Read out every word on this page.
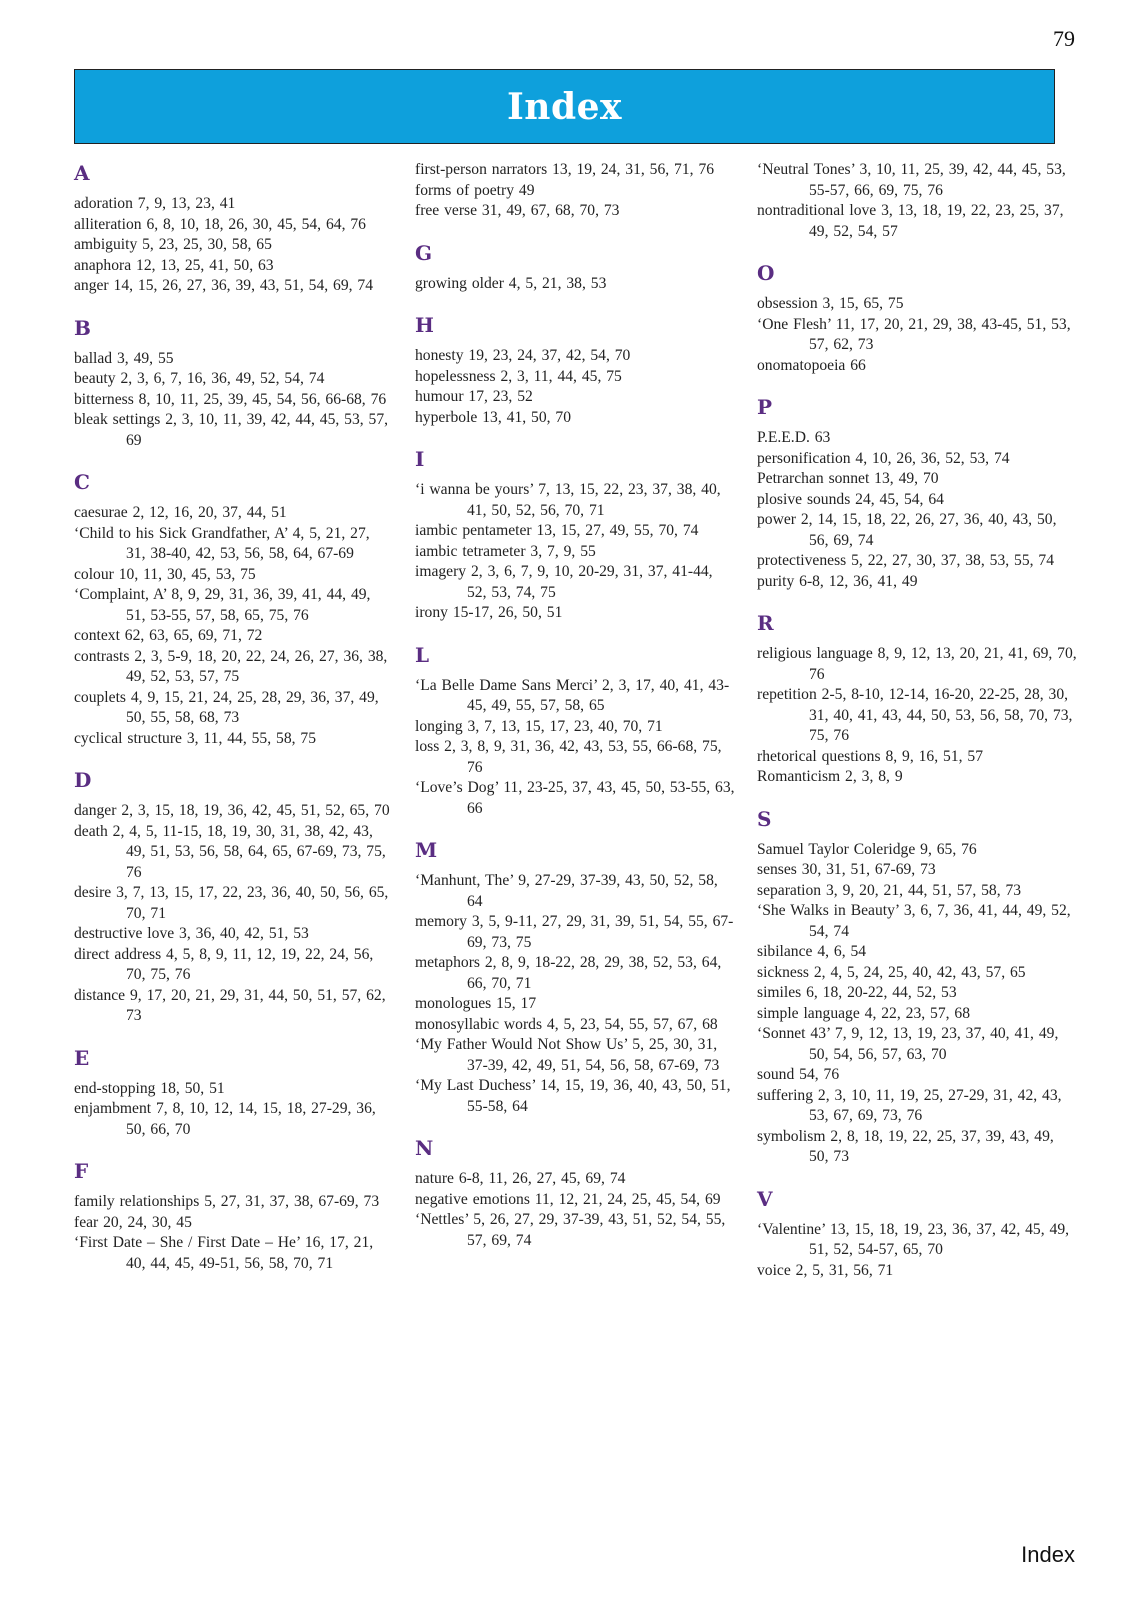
79
Index
A
adoration 7, 9, 13, 23, 41
alliteration 6, 8, 10, 18, 26, 30, 45, 54, 64, 76
ambiguity 5, 23, 25, 30, 58, 65
anaphora 12, 13, 25, 41, 50, 63
anger 14, 15, 26, 27, 36, 39, 43, 51, 54, 69, 74
B
ballad 3, 49, 55
beauty 2, 3, 6, 7, 16, 36, 49, 52, 54, 74
bitterness 8, 10, 11, 25, 39, 45, 54, 56, 66-68, 76
bleak settings 2, 3, 10, 11, 39, 42, 44, 45, 53, 57, 69
C
caesurae 2, 12, 16, 20, 37, 44, 51
‘Child to his Sick Grandfather, A’ 4, 5, 21, 27, 31, 38-40, 42, 53, 56, 58, 64, 67-69
colour 10, 11, 30, 45, 53, 75
‘Complaint, A’ 8, 9, 29, 31, 36, 39, 41, 44, 49, 51, 53-55, 57, 58, 65, 75, 76
context 62, 63, 65, 69, 71, 72
contrasts 2, 3, 5-9, 18, 20, 22, 24, 26, 27, 36, 38, 49, 52, 53, 57, 75
couplets 4, 9, 15, 21, 24, 25, 28, 29, 36, 37, 49, 50, 55, 58, 68, 73
cyclical structure 3, 11, 44, 55, 58, 75
D
danger 2, 3, 15, 18, 19, 36, 42, 45, 51, 52, 65, 70
death 2, 4, 5, 11-15, 18, 19, 30, 31, 38, 42, 43, 49, 51, 53, 56, 58, 64, 65, 67-69, 73, 75, 76
desire 3, 7, 13, 15, 17, 22, 23, 36, 40, 50, 56, 65, 70, 71
destructive love 3, 36, 40, 42, 51, 53
direct address 4, 5, 8, 9, 11, 12, 19, 22, 24, 56, 70, 75, 76
distance 9, 17, 20, 21, 29, 31, 44, 50, 51, 57, 62, 73
E
end-stopping 18, 50, 51
enjambment 7, 8, 10, 12, 14, 15, 18, 27-29, 36, 50, 66, 70
F
family relationships 5, 27, 31, 37, 38, 67-69, 73
fear 20, 24, 30, 45
‘First Date – She / First Date – He’ 16, 17, 21, 40, 44, 45, 49-51, 56, 58, 70, 71
first-person narrators 13, 19, 24, 31, 56, 71, 76
forms of poetry 49
free verse 31, 49, 67, 68, 70, 73
G
growing older 4, 5, 21, 38, 53
H
honesty 19, 23, 24, 37, 42, 54, 70
hopelessness 2, 3, 11, 44, 45, 75
humour 17, 23, 52
hyperbole 13, 41, 50, 70
I
‘i wanna be yours’ 7, 13, 15, 22, 23, 37, 38, 40, 41, 50, 52, 56, 70, 71
iambic pentameter 13, 15, 27, 49, 55, 70, 74
iambic tetrameter 3, 7, 9, 55
imagery 2, 3, 6, 7, 9, 10, 20-29, 31, 37, 41-44, 52, 53, 74, 75
irony 15-17, 26, 50, 51
L
‘La Belle Dame Sans Merci’ 2, 3, 17, 40, 41, 43-45, 49, 55, 57, 58, 65
longing 3, 7, 13, 15, 17, 23, 40, 70, 71
loss 2, 3, 8, 9, 31, 36, 42, 43, 53, 55, 66-68, 75, 76
‘Love’s Dog’ 11, 23-25, 37, 43, 45, 50, 53-55, 63, 66
M
‘Manhunt, The’ 9, 27-29, 37-39, 43, 50, 52, 58, 64
memory 3, 5, 9-11, 27, 29, 31, 39, 51, 54, 55, 67-69, 73, 75
metaphors 2, 8, 9, 18-22, 28, 29, 38, 52, 53, 64, 66, 70, 71
monologues 15, 17
monosyllabic words 4, 5, 23, 54, 55, 57, 67, 68
‘My Father Would Not Show Us’ 5, 25, 30, 31, 37-39, 42, 49, 51, 54, 56, 58, 67-69, 73
‘My Last Duchess’ 14, 15, 19, 36, 40, 43, 50, 51, 55-58, 64
N
nature 6-8, 11, 26, 27, 45, 69, 74
negative emotions 11, 12, 21, 24, 25, 45, 54, 69
‘Nettles’ 5, 26, 27, 29, 37-39, 43, 51, 52, 54, 55, 57, 69, 74
‘Neutral Tones’ 3, 10, 11, 25, 39, 42, 44, 45, 53, 55-57, 66, 69, 75, 76
nontraditional love 3, 13, 18, 19, 22, 23, 25, 37, 49, 52, 54, 57
O
obsession 3, 15, 65, 75
‘One Flesh’ 11, 17, 20, 21, 29, 38, 43-45, 51, 53, 57, 62, 73
onomatopoeia 66
P
P.E.E.D. 63
personification 4, 10, 26, 36, 52, 53, 74
Petrarchan sonnet 13, 49, 70
plosive sounds 24, 45, 54, 64
power 2, 14, 15, 18, 22, 26, 27, 36, 40, 43, 50, 56, 69, 74
protectiveness 5, 22, 27, 30, 37, 38, 53, 55, 74
purity 6-8, 12, 36, 41, 49
R
religious language 8, 9, 12, 13, 20, 21, 41, 69, 70, 76
repetition 2-5, 8-10, 12-14, 16-20, 22-25, 28, 30, 31, 40, 41, 43, 44, 50, 53, 56, 58, 70, 73, 75, 76
rhetorical questions 8, 9, 16, 51, 57
Romanticism 2, 3, 8, 9
S
Samuel Taylor Coleridge 9, 65, 76
senses 30, 31, 51, 67-69, 73
separation 3, 9, 20, 21, 44, 51, 57, 58, 73
‘She Walks in Beauty’ 3, 6, 7, 36, 41, 44, 49, 52, 54, 74
sibilance 4, 6, 54
sickness 2, 4, 5, 24, 25, 40, 42, 43, 57, 65
similes 6, 18, 20-22, 44, 52, 53
simple language 4, 22, 23, 57, 68
‘Sonnet 43’ 7, 9, 12, 13, 19, 23, 37, 40, 41, 49, 50, 54, 56, 57, 63, 70
sound 54, 76
suffering 2, 3, 10, 11, 19, 25, 27-29, 31, 42, 43, 53, 67, 69, 73, 76
symbolism 2, 8, 18, 19, 22, 25, 37, 39, 43, 49, 50, 73
V
‘Valentine’ 13, 15, 18, 19, 23, 36, 37, 42, 45, 49, 51, 52, 54-57, 65, 70
voice 2, 5, 31, 56, 71
Index
